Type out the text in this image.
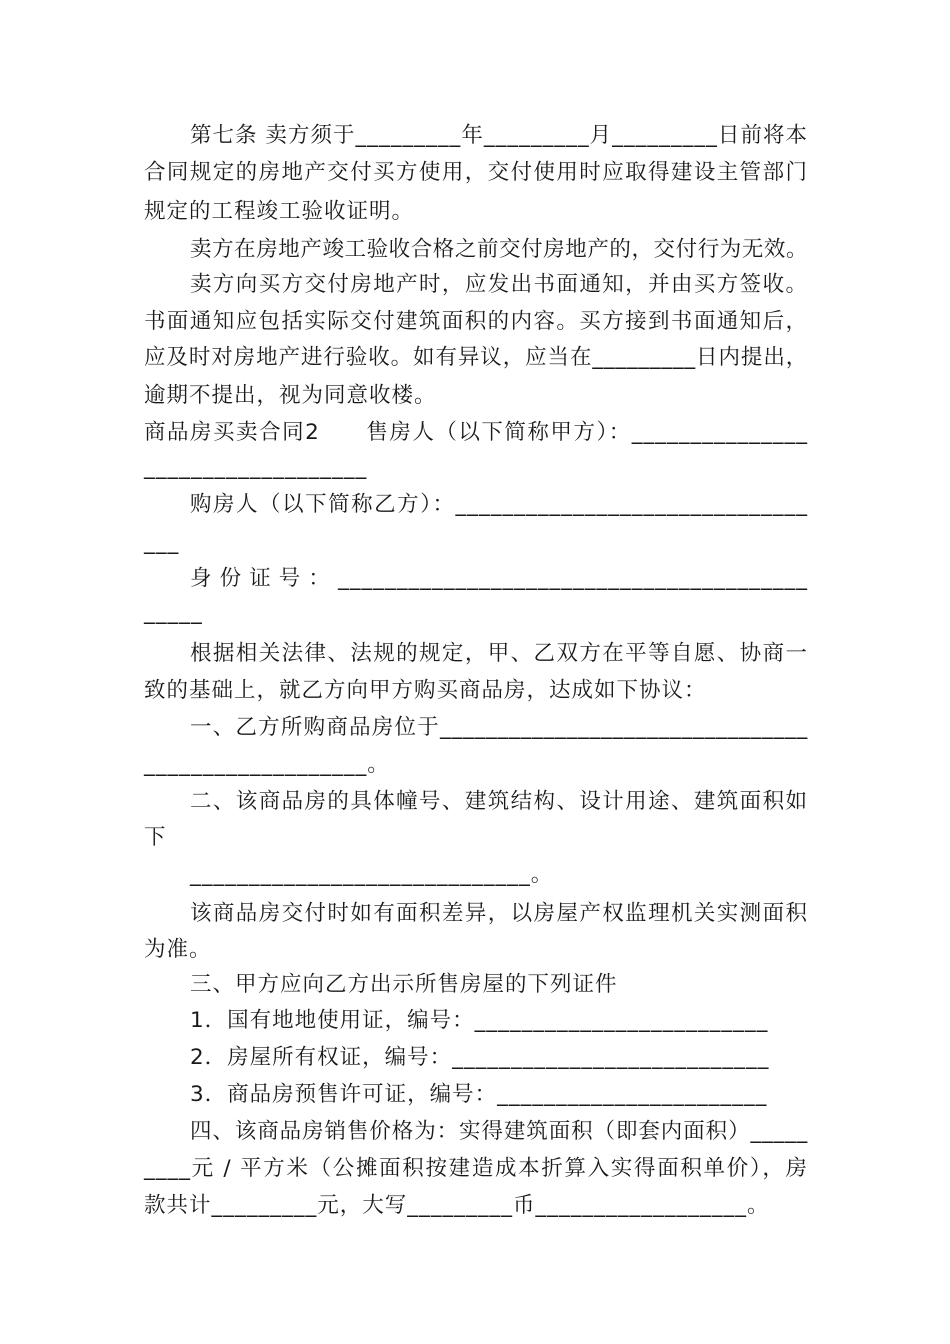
第七条 卖方须于_________年_________月_________日前将本
合同规定的房地产交付买方使用，交付使用时应取得建设主管部门
规定的工程竣工验收证明。
卖方在房地产竣工验收合格之前交付房地产的，交付行为无效。
卖方向买方交付房地产时，应发出书面通知，并由买方签收。
书面通知应包括实际交付建筑面积的内容。买方接到书面通知后，
应及时对房地产进行验收。如有异议，应当在_________日内提出，
逾期不提出，视为同意收楼。
商品房买卖合同2　　售房人（以下简称甲方）：_______________
___________________
购房人（以下简称乙方）：______________________________
___
身份证号：________________________________________
_____
根据相关法律、法规的规定，甲、乙双方在平等自愿、协商一
致的基础上，就乙方向甲方购买商品房，达成如下协议：
一、乙方所购商品房位于________________________________
___________________。
二、该商品房的具体幢号、建筑结构、设计用途、建筑面积如
下
_____________________________。
该商品房交付时如有面积差异，以房屋产权监理机关实测面积
为准。
三、甲方应向乙方出示所售房屋的下列证件
1．国有地地使用证，编号：_________________________
2．房屋所有权证，编号：___________________________
3．商品房预售许可证，编号：_______________________
四、该商品房销售价格为：实得建筑面积（即套内面积）_____
____元 / 平方米（公摊面积按建造成本折算入实得面积单价），房
款共计_________元，大写_________币__________________。
